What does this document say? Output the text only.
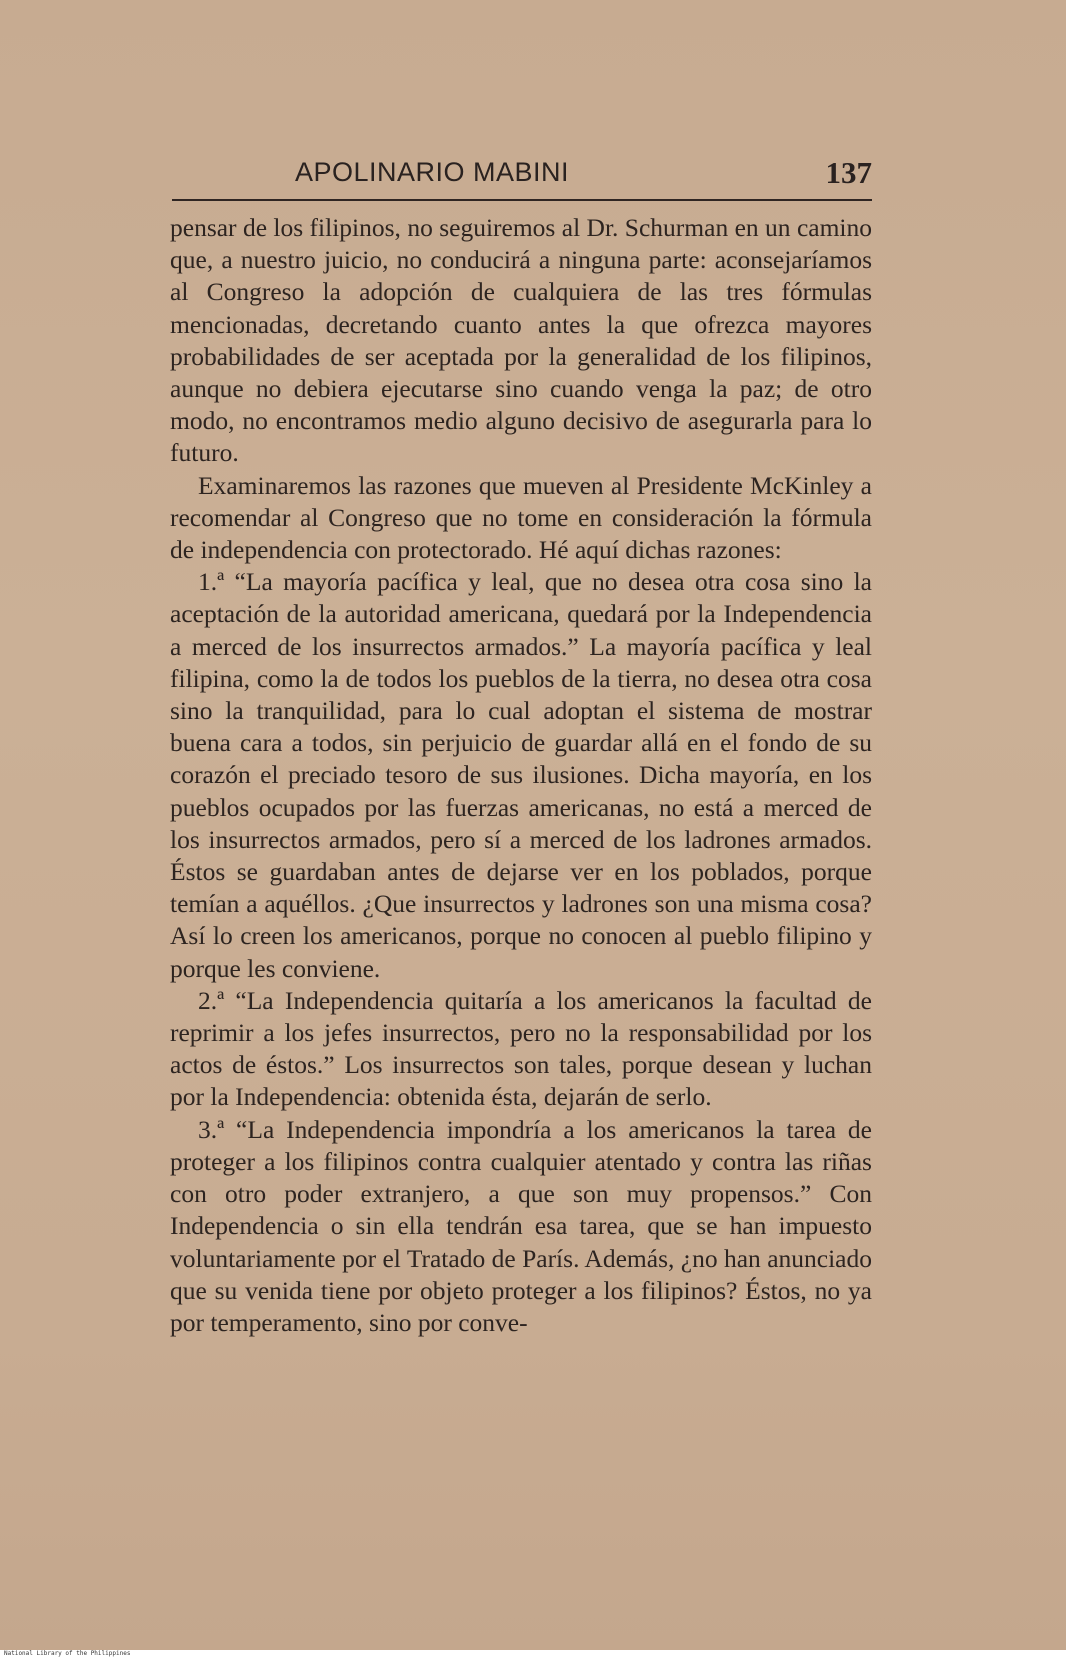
APOLINARIO MABINI	137

pensar de los filipinos, no seguiremos al Dr. Schurman en un camino que, a nuestro juicio, no conducirá a ninguna parte: aconsejaríamos al Congreso la adopción de cualquiera de las tres fórmulas mencionadas, decretando cuanto antes la que ofrezca mayores probabilidades de ser aceptada por la generalidad de los filipinos, aunque no debiera ejecutarse sino cuando venga la paz; de otro modo, no encontramos medio alguno decisivo de asegurarla para lo futuro.

Examinaremos las razones que mueven al Presidente McKinley a recomendar al Congreso que no tome en consideración la fórmula de independencia con protectorado. Hé aquí dichas razones:

1.ª “La mayoría pacífica y leal, que no desea otra cosa sino la aceptación de la autoridad americana, quedará por la Independencia a merced de los insurrectos armados.” La mayoría pacífica y leal filipina, como la de todos los pueblos de la tierra, no desea otra cosa sino la tranquilidad, para lo cual adoptan el sistema de mostrar buena cara a todos, sin perjuicio de guardar allá en el fondo de su corazón el preciado tesoro de sus ilusiones. Dicha mayoría, en los pueblos ocupados por las fuerzas americanas, no está a merced de los insurrectos armados, pero sí a merced de los ladrones armados. Éstos se guardaban antes de dejarse ver en los poblados, porque temían a aquéllos. ¿Que insurrectos y ladrones son una misma cosa? Así lo creen los americanos, porque no conocen al pueblo filipino y porque les conviene.

2.ª “La Independencia quitaría a los americanos la facultad de reprimir a los jefes insurrectos, pero no la responsabilidad por los actos de éstos.” Los insurrectos son tales, porque desean y luchan por la Independencia: obtenida ésta, dejarán de serlo.

3.ª “La Independencia impondría a los americanos la tarea de proteger a los filipinos contra cualquier atentado y contra las riñas con otro poder extranjero, a que son muy propensos.” Con Independencia o sin ella tendrán esa tarea, que se han impuesto voluntariamente por el Tratado de París. Además, ¿no han anunciado que su venida tiene por objeto proteger a los filipinos? Éstos, no ya por temperamento, sino por conve-

National Library of the Philippines
